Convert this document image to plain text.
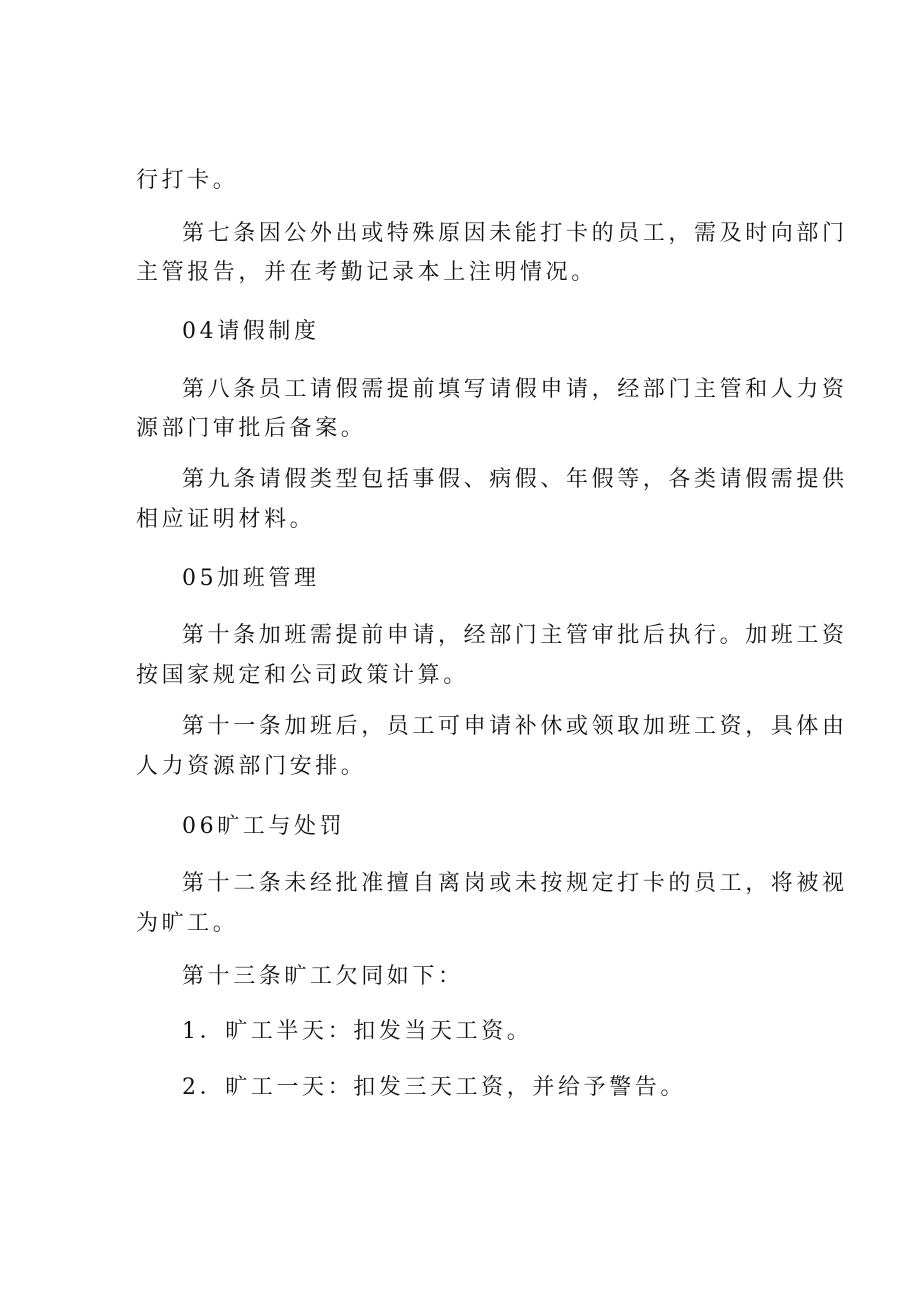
行打卡。
第七条因公外出或特殊原因未能打卡的员工，需及时向部门
主管报告，并在考勤记录本上注明情况。
04请假制度
第八条员工请假需提前填写请假申请，经部门主管和人力资
源部门审批后备案。
第九条请假类型包括事假、病假、年假等，各类请假需提供
相应证明材料。
05加班管理
第十条加班需提前申请，经部门主管审批后执行。加班工资
按国家规定和公司政策计算。
第十一条加班后，员工可申请补休或领取加班工资，具体由
人力资源部门安排。
06旷工与处罚
第十二条未经批准擅自离岗或未按规定打卡的员工，将被视
为旷工。
第十三条旷工欠同如下：
1．旷工半天：扣发当天工资。
2．旷工一天：扣发三天工资，并给予警告。
